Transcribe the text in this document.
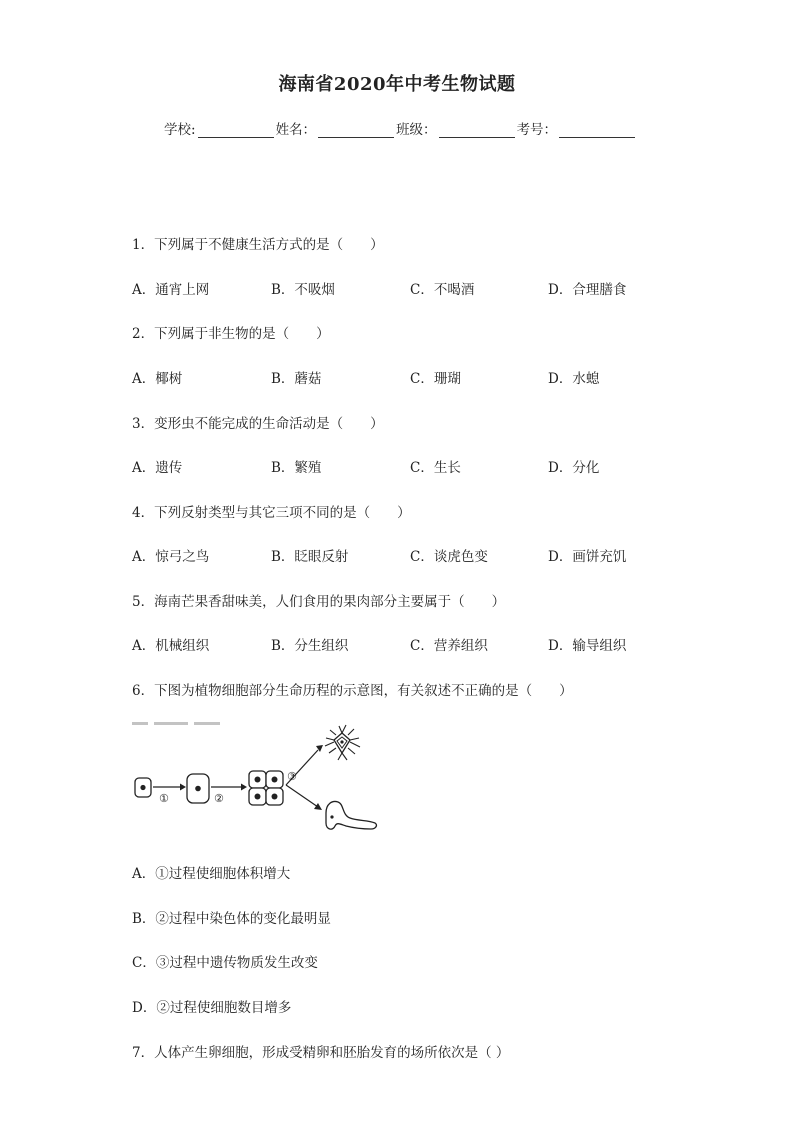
海南省2020年中考生物试题
学校:	姓名：	班级：	考号：
1．下列属于不健康生活方式的是（　　）
A．通宵上网	B．不吸烟	C．不喝酒	D．合理膳食
2．下列属于非生物的是（　　）
A．椰树	B．蘑菇	C．珊瑚	D．水螅
3．变形虫不能完成的生命活动是（　　）
A．遗传	B．繁殖	C．生长	D．分化
4．下列反射类型与其它三项不同的是（　　）
A．惊弓之鸟	B．眨眼反射	C．谈虎色变	D．画饼充饥
5．海南芒果香甜味美，人们食用的果肉部分主要属于（　　）
A．机械组织	B．分生组织	C．营养组织	D．输导组织
6．下图为植物细胞部分生命历程的示意图，有关叙述不正确的是（　　）
①	②
③
A．①过程使细胞体积增大
B．②过程中染色体的变化最明显
C．③过程中遗传物质发生改变
D．②过程使细胞数目增多
7．人体产生卵细胞，形成受精卵和胚胎发育的场所依次是（ ）
